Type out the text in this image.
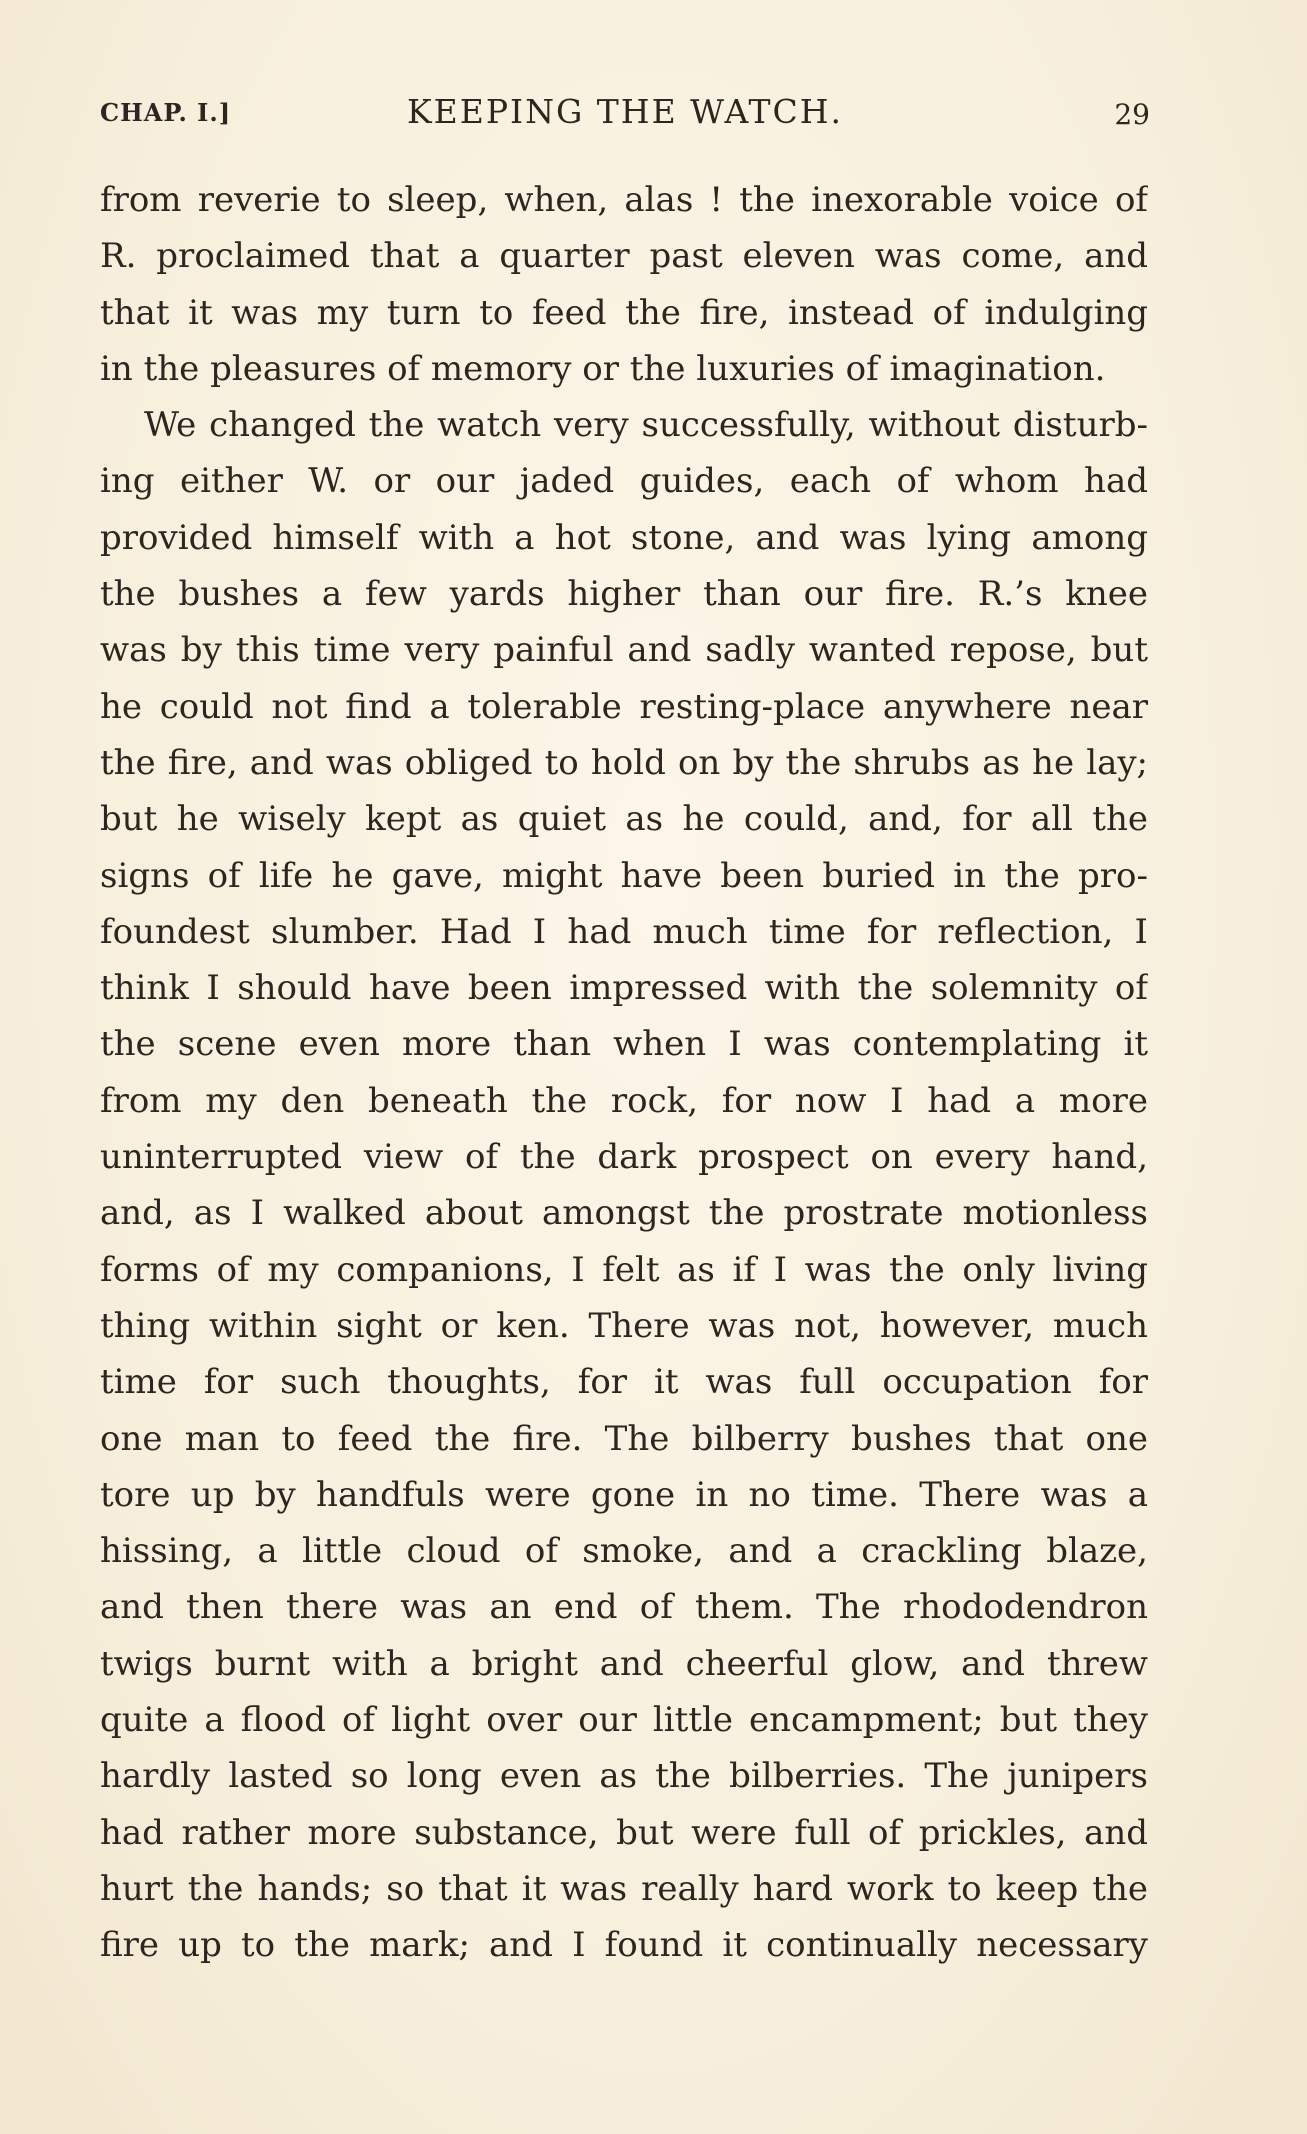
CHAP. I.]	KEEPING THE WATCH.	29
from reverie to sleep, when, alas ! the inexorable voice of
R. proclaimed that a quarter past eleven was come, and
that it was my turn to feed the fire, instead of indulging
in the pleasures of memory or the luxuries of imagination.
We changed the watch very successfully, without disturb-
ing either W. or our jaded guides, each of whom had
provided himself with a hot stone, and was lying among
the bushes a few yards higher than our fire. R.’s knee
was by this time very painful and sadly wanted repose, but
he could not find a tolerable resting-place anywhere near
the fire, and was obliged to hold on by the shrubs as he lay;
but he wisely kept as quiet as he could, and, for all the
signs of life he gave, might have been buried in the pro-
foundest slumber. Had I had much time for reflection, I
think I should have been impressed with the solemnity of
the scene even more than when I was contemplating it
from my den beneath the rock, for now I had a more
uninterrupted view of the dark prospect on every hand,
and, as I walked about amongst the prostrate motionless
forms of my companions, I felt as if I was the only living
thing within sight or ken. There was not, however, much
time for such thoughts, for it was full occupation for
one man to feed the fire. The bilberry bushes that one
tore up by handfuls were gone in no time. There was a
hissing, a little cloud of smoke, and a crackling blaze,
and then there was an end of them. The rhododendron
twigs burnt with a bright and cheerful glow, and threw
quite a flood of light over our little encampment; but they
hardly lasted so long even as the bilberries. The junipers
had rather more substance, but were full of prickles, and
hurt the hands; so that it was really hard work to keep the
fire up to the mark; and I found it continually necessary
